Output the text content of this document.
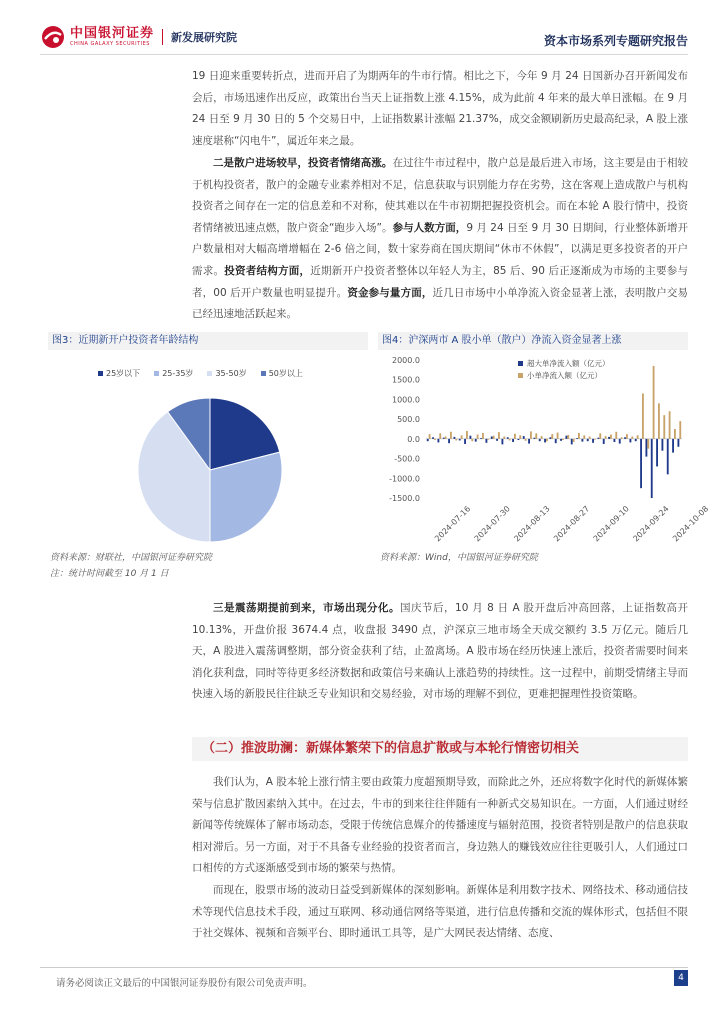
中国银河证券
CHINA GALAXY SECURITIES	新发展研究院	资本市场系列专题研究报告

19 日迎来重要转折点，进而开启了为期两年的牛市行情。相比之下，今年 9 月 24 日国新办召开新闻发布会后，市场迅速作出反应，政策出台当天上证指数上涨 4.15%，成为此前 4 年来的最大单日涨幅。在 9 月 24 日至 9 月 30 日的 5 个交易日中，上证指数累计涨幅 21.37%，成交金额刷新历史最高纪录，A 股上涨速度堪称“闪电牛”，属近年来之最。

二是散户进场较早，投资者情绪高涨。在过往牛市过程中，散户总是最后进入市场，这主要是由于相较于机构投资者，散户的金融专业素养相对不足，信息获取与识别能力存在劣势，这在客观上造成散户与机构投资者之间存在一定的信息差和不对称，使其难以在牛市初期把握投资机会。而在本轮 A 股行情中，投资者情绪被迅速点燃，散户资金“跑步入场”。参与人数方面，9 月 24 日至 9 月 30 日期间，行业整体新增开户数量相对大幅高增增幅在 2-6 倍之间，数十家券商在国庆期间“休市不休假”，以满足更多投资者的开户需求。投资者结构方面，近期新开户投资者整体以年轻人为主，85 后、90 后正逐渐成为市场的主要参与者，00 后开户数量也明显提升。资金参与量方面，近几日市场中小单净流入资金显著上涨，表明散户交易已经迅速地活跃起来。

图3：近期新开户投资者年龄结构
25岁以下	25-35岁	35-50岁	50岁以上
资料来源：财联社，中国银河证券研究院
注：统计时间截至 10 月 1 日
图4：沪深两市 A 股小单（散户）净流入资金显著上涨
2000.0
1500.0
1000.0
500.0
0.0
-500.0
-1000.0
-1500.0
超大单净流入额（亿元）
小单净流入额（亿元）
2024-07-16 2024-07-30 2024-08-13 2024-08-27 2024-09-10 2024-09-24 2024-10-08
资料来源：Wind，中国银河证券研究院

三是震荡期提前到来，市场出现分化。国庆节后，10 月 8 日 A 股开盘后冲高回落，上证指数高开 10.13%，开盘价报 3674.4 点，收盘报 3490 点，沪深京三地市场全天成交额约 3.5 万亿元。随后几天，A 股进入震荡调整期，部分资金获利了结，止盈离场。A 股市场在经历快速上涨后，投资者需要时间来消化获利盘，同时等待更多经济数据和政策信号来确认上涨趋势的持续性。这一过程中，前期受情绪主导而快速入场的新股民往往缺乏专业知识和交易经验，对市场的理解不到位，更难把握理性投资策略。

（二）推波助澜：新媒体繁荣下的信息扩散或与本轮行情密切相关

我们认为，A 股本轮上涨行情主要由政策力度超预期导致，而除此之外，还应将数字化时代的新媒体繁荣与信息扩散因素纳入其中。在过去，牛市的到来往往伴随有一种新式交易知识在。一方面，人们通过财经新闻等传统媒体了解市场动态，受限于传统信息媒介的传播速度与辐射范围，投资者特别是散户的信息获取相对滞后。另一方面，对于不具备专业经验的投资者而言，身边熟人的赚钱效应往往更吸引人，人们通过口口相传的方式逐渐感受到市场的繁荣与热情。

而现在，股票市场的波动日益受到新媒体的深刻影响。新媒体是利用数字技术、网络技术、移动通信技术等现代信息技术手段，通过互联网、移动通信网络等渠道，进行信息传播和交流的媒体形式，包括但不限于社交媒体、视频和音频平台、即时通讯工具等，是广大网民表达情绪、态度、

请务必阅读正文最后的中国银河证券股份有限公司免责声明。	4
